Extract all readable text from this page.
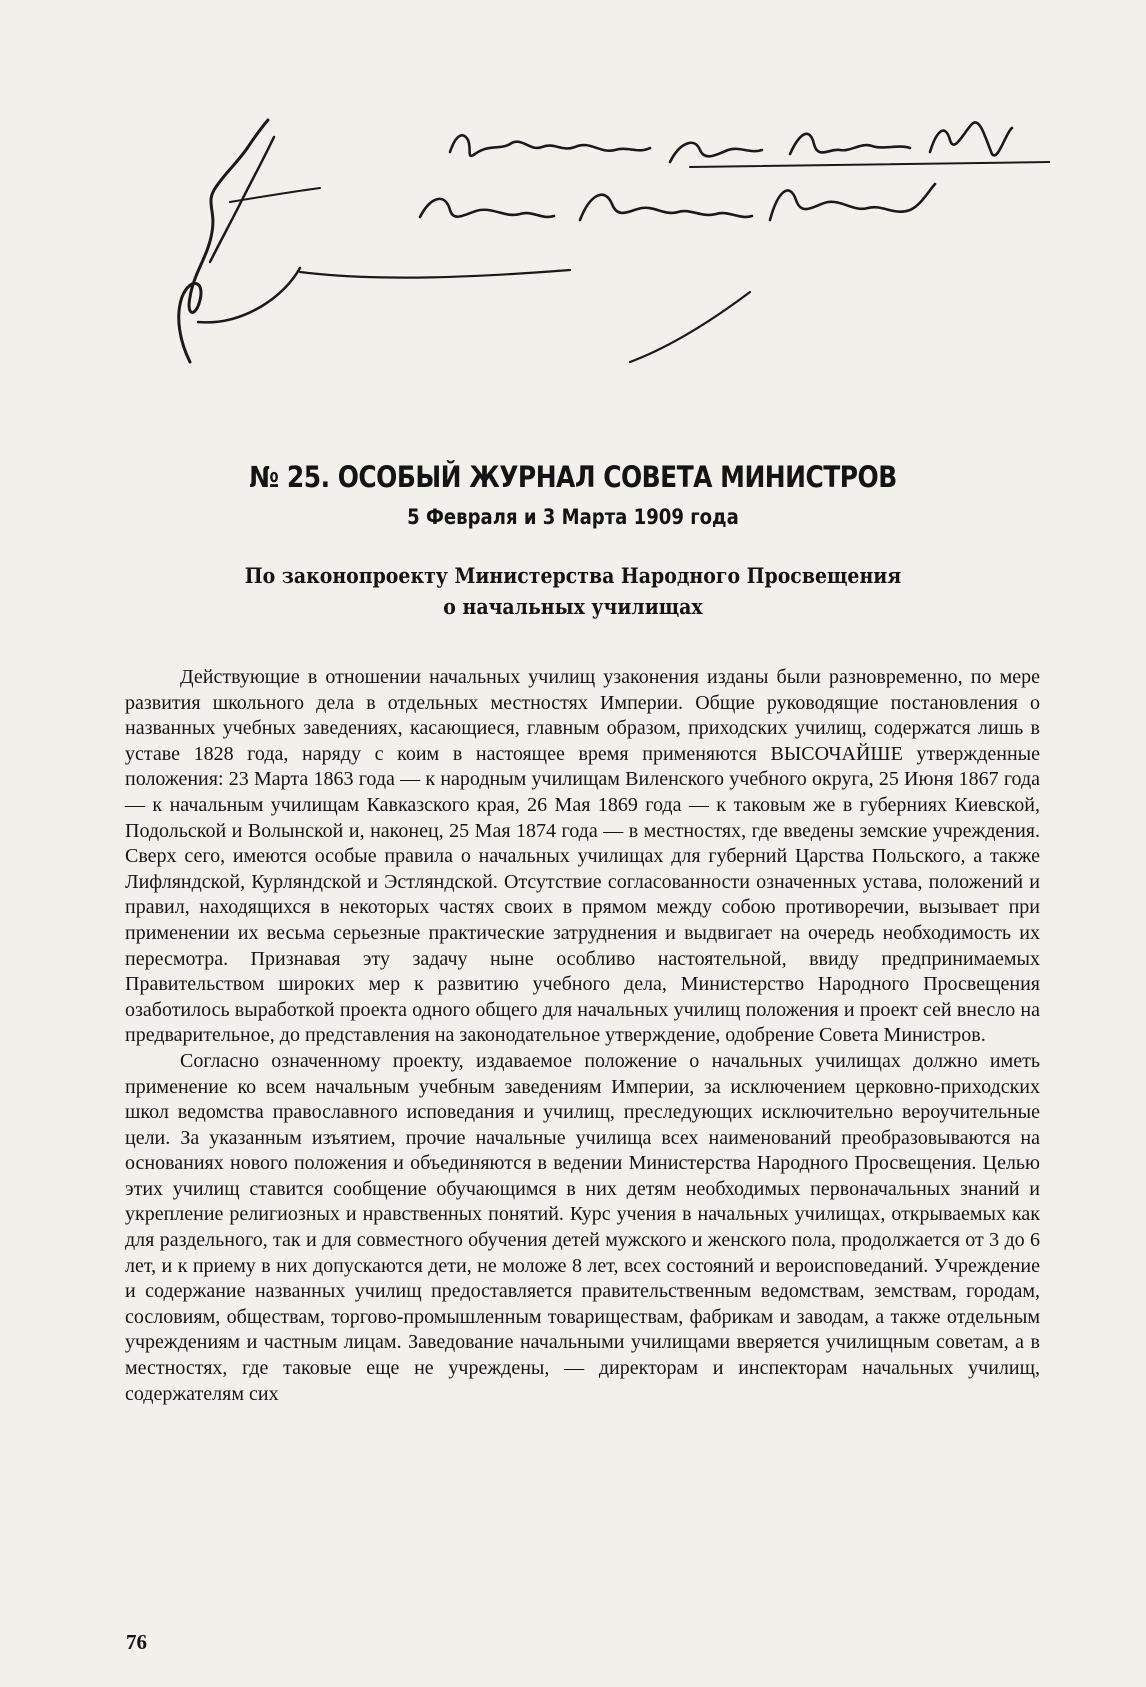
№ 25. ОСОБЫЙ ЖУРНАЛ СОВЕТА МИНИСТРОВ
5 Февраля и 3 Марта 1909 года
По законопроекту Министерства Народного Просвещения
о начальных училищах

Действующие в отношении начальных училищ узаконения изданы были разновременно, по мере развития школьного дела в отдельных местностях Империи. Общие руководящие постановления о названных учебных заведениях, касающиеся, главным образом, приходских училищ, содержатся лишь в уставе 1828 года, наряду с коим в настоящее время применяются ВЫСОЧАЙШЕ утвержденные положения: 23 Марта 1863 года — к народным училищам Виленского учебного округа, 25 Июня 1867 года — к начальным училищам Кавказского края, 26 Мая 1869 года — к таковым же в губерниях Киевской, Подольской и Волынской и, наконец, 25 Мая 1874 года — в местностях, где введены земские учреждения. Сверх сего, имеются особые правила о начальных училищах для губерний Царства Польского, а также Лифляндской, Курляндской и Эстляндской. Отсутствие согласованности означенных устава, положений и правил, находящихся в некоторых частях своих в прямом между собою противоречии, вызывает при применении их весьма серьезные практические затруднения и выдвигает на очередь необходимость их пересмотра. Признавая эту задачу ныне особливо настоятельной, ввиду предпринимаемых Правительством широких мер к развитию учебного дела, Министерство Народного Просвещения озаботилось выработкой проекта одного общего для начальных училищ положения и проект сей внесло на предварительное, до представления на законодательное утверждение, одобрение Совета Министров.

Согласно означенному проекту, издаваемое положение о начальных училищах должно иметь применение ко всем начальным учебным заведениям Империи, за исключением церковно-приходских школ ведомства православного исповедания и училищ, преследующих исключительно вероучительные цели. За указанным изъятием, прочие начальные училища всех наименований преобразовываются на основаниях нового положения и объединяются в ведении Министерства Народного Просвещения. Целью этих училищ ставится сообщение обучающимся в них детям необходимых первоначальных знаний и укрепление религиозных и нравственных понятий. Курс учения в начальных училищах, открываемых как для раздельного, так и для совместного обучения детей мужского и женского пола, продолжается от 3 до 6 лет, и к приему в них допускаются дети, не моложе 8 лет, всех состояний и вероисповеданий. Учреждение и содержание названных училищ предоставляется правительственным ведомствам, земствам, городам, сословиям, обществам, торгово-промышленным товариществам, фабрикам и заводам, а также отдельным учреждениям и частным лицам. Заведование начальными училищами вверяется училищным советам, а в местностях, где таковые еще не учреждены, — директорам и инспекторам начальных училищ, содержателям сих

76
